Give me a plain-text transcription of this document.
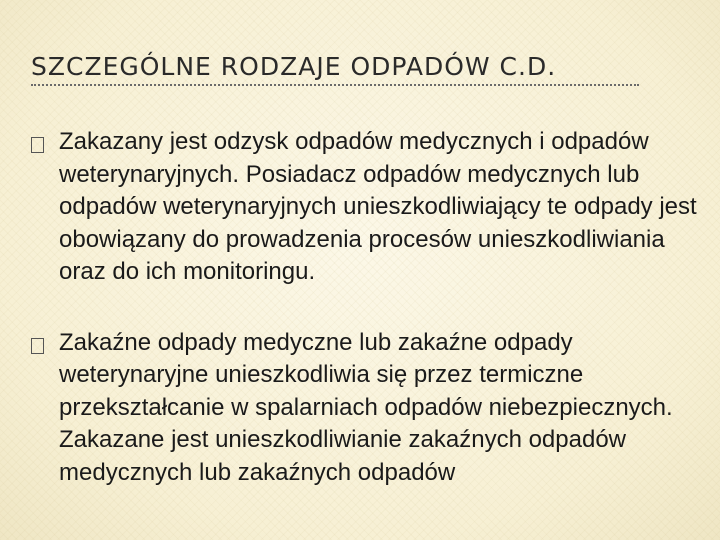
SZCZEGÓLNE RODZAJE ODPADÓW C.D.
Zakazany jest odzysk odpadów medycznych i odpadów weterynaryjnych. Posiadacz odpadów medycznych lub odpadów weterynaryjnych unieszkodliwiający te odpady jest obowiązany do prowadzenia procesów unieszkodliwiania oraz do ich monitoringu.
Zakaźne odpady medyczne lub zakaźne odpady weterynaryjne unieszkodliwia się przez termiczne przekształcanie w spalarniach odpadów niebezpiecznych. Zakazane jest unieszkodliwianie zakaźnych odpadów medycznych lub zakaźnych odpadów
